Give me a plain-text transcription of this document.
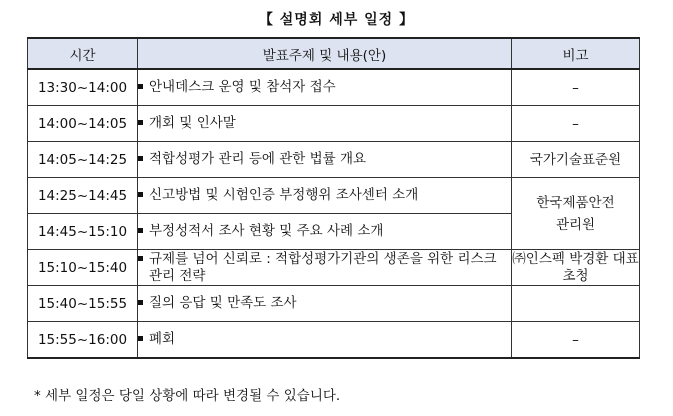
【 설명회 세부 일정 】
시간	발표주제 및 내용(안)	비고
13:30~14:00	안내데스크 운영 및 참석자 접수	–
14:00~14:05	개회 및 인사말	–
14:05~14:25	적합성평가 관리 등에 관한 법률 개요	국가기술표준원
14:25~14:45	신고방법 및 시험인증 부정행위 조사센터 소개	한국제품안전 관리원

14:45~15:10	부정성적서 조사 현황 및 주요 사례 소개	
15:10~15:40	규제를 넘어 신뢰로 : 적합성평가기관의 생존을 위한 리스크 관리 전략	㈜인스펙 박경환 대표 초청

15:40~15:55	질의 응답 및 만족도 조사	
15:55~16:00	폐회	–
* 세부 일정은 당일 상황에 따라 변경될 수 있습니다.
